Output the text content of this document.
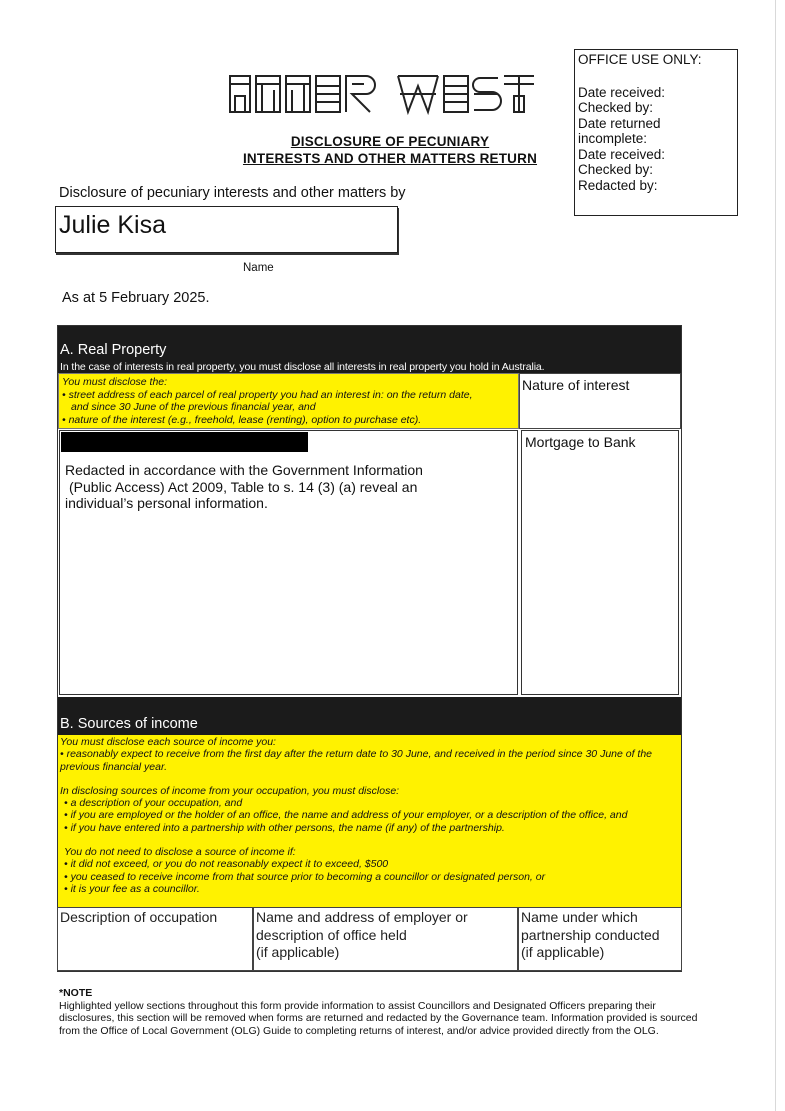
DISCLOSURE OF PECUNIARY
INTERESTS AND OTHER MATTERS RETURN
OFFICE USE ONLY:
Date received:
Checked by:
Date returned
incomplete:
Date received:
Checked by:
Redacted by:
Disclosure of pecuniary interests and other matters by
Julie Kisa
Name
As at 5 February 2025.
A. Real Property
In the case of interests in real property, you must disclose all interests in real property you hold in Australia.
You must disclose the:
• street address of each parcel of real property you had an interest in: on the return date,
and since 30 June of the previous financial year, and
• nature of the interest (e.g., freehold, lease (renting), option to purchase etc).
Nature of interest
Redacted in accordance with the Government Information
(Public Access) Act 2009, Table to s. 14 (3) (a) reveal an
individual’s personal information.
Mortgage to Bank
B. Sources of income

You must disclose each source of income you:

• reasonably expect to receive from the first day after the return date to 30 June, and received in the period since 30 June of the previous financial year.

In disclosing sources of income from your occupation, you must disclose:

• a description of your occupation, and

• if you are employed or the holder of an office, the name and address of your employer, or a description of the office, and

• if you have entered into a partnership with other persons, the name (if any) of the partnership.

You do not need to disclose a source of income if:

• it did not exceed, or you do not reasonably expect it to exceed, $500

• you ceased to receive income from that source prior to becoming a councillor or designated person, or

• it is your fee as a councillor.

Description of occupation	Name and address of employer or
description of office held
(if applicable)
Name under which
partnership conducted
(if applicable)
*NOTE
Highlighted yellow sections throughout this form provide information to assist Councillors and Designated Officers preparing their disclosures, this section will be removed when forms are returned and redacted by the Governance team. Information provided is sourced from the Office of Local Government (OLG) Guide to completing returns of interest, and/or advice provided directly from the OLG.
